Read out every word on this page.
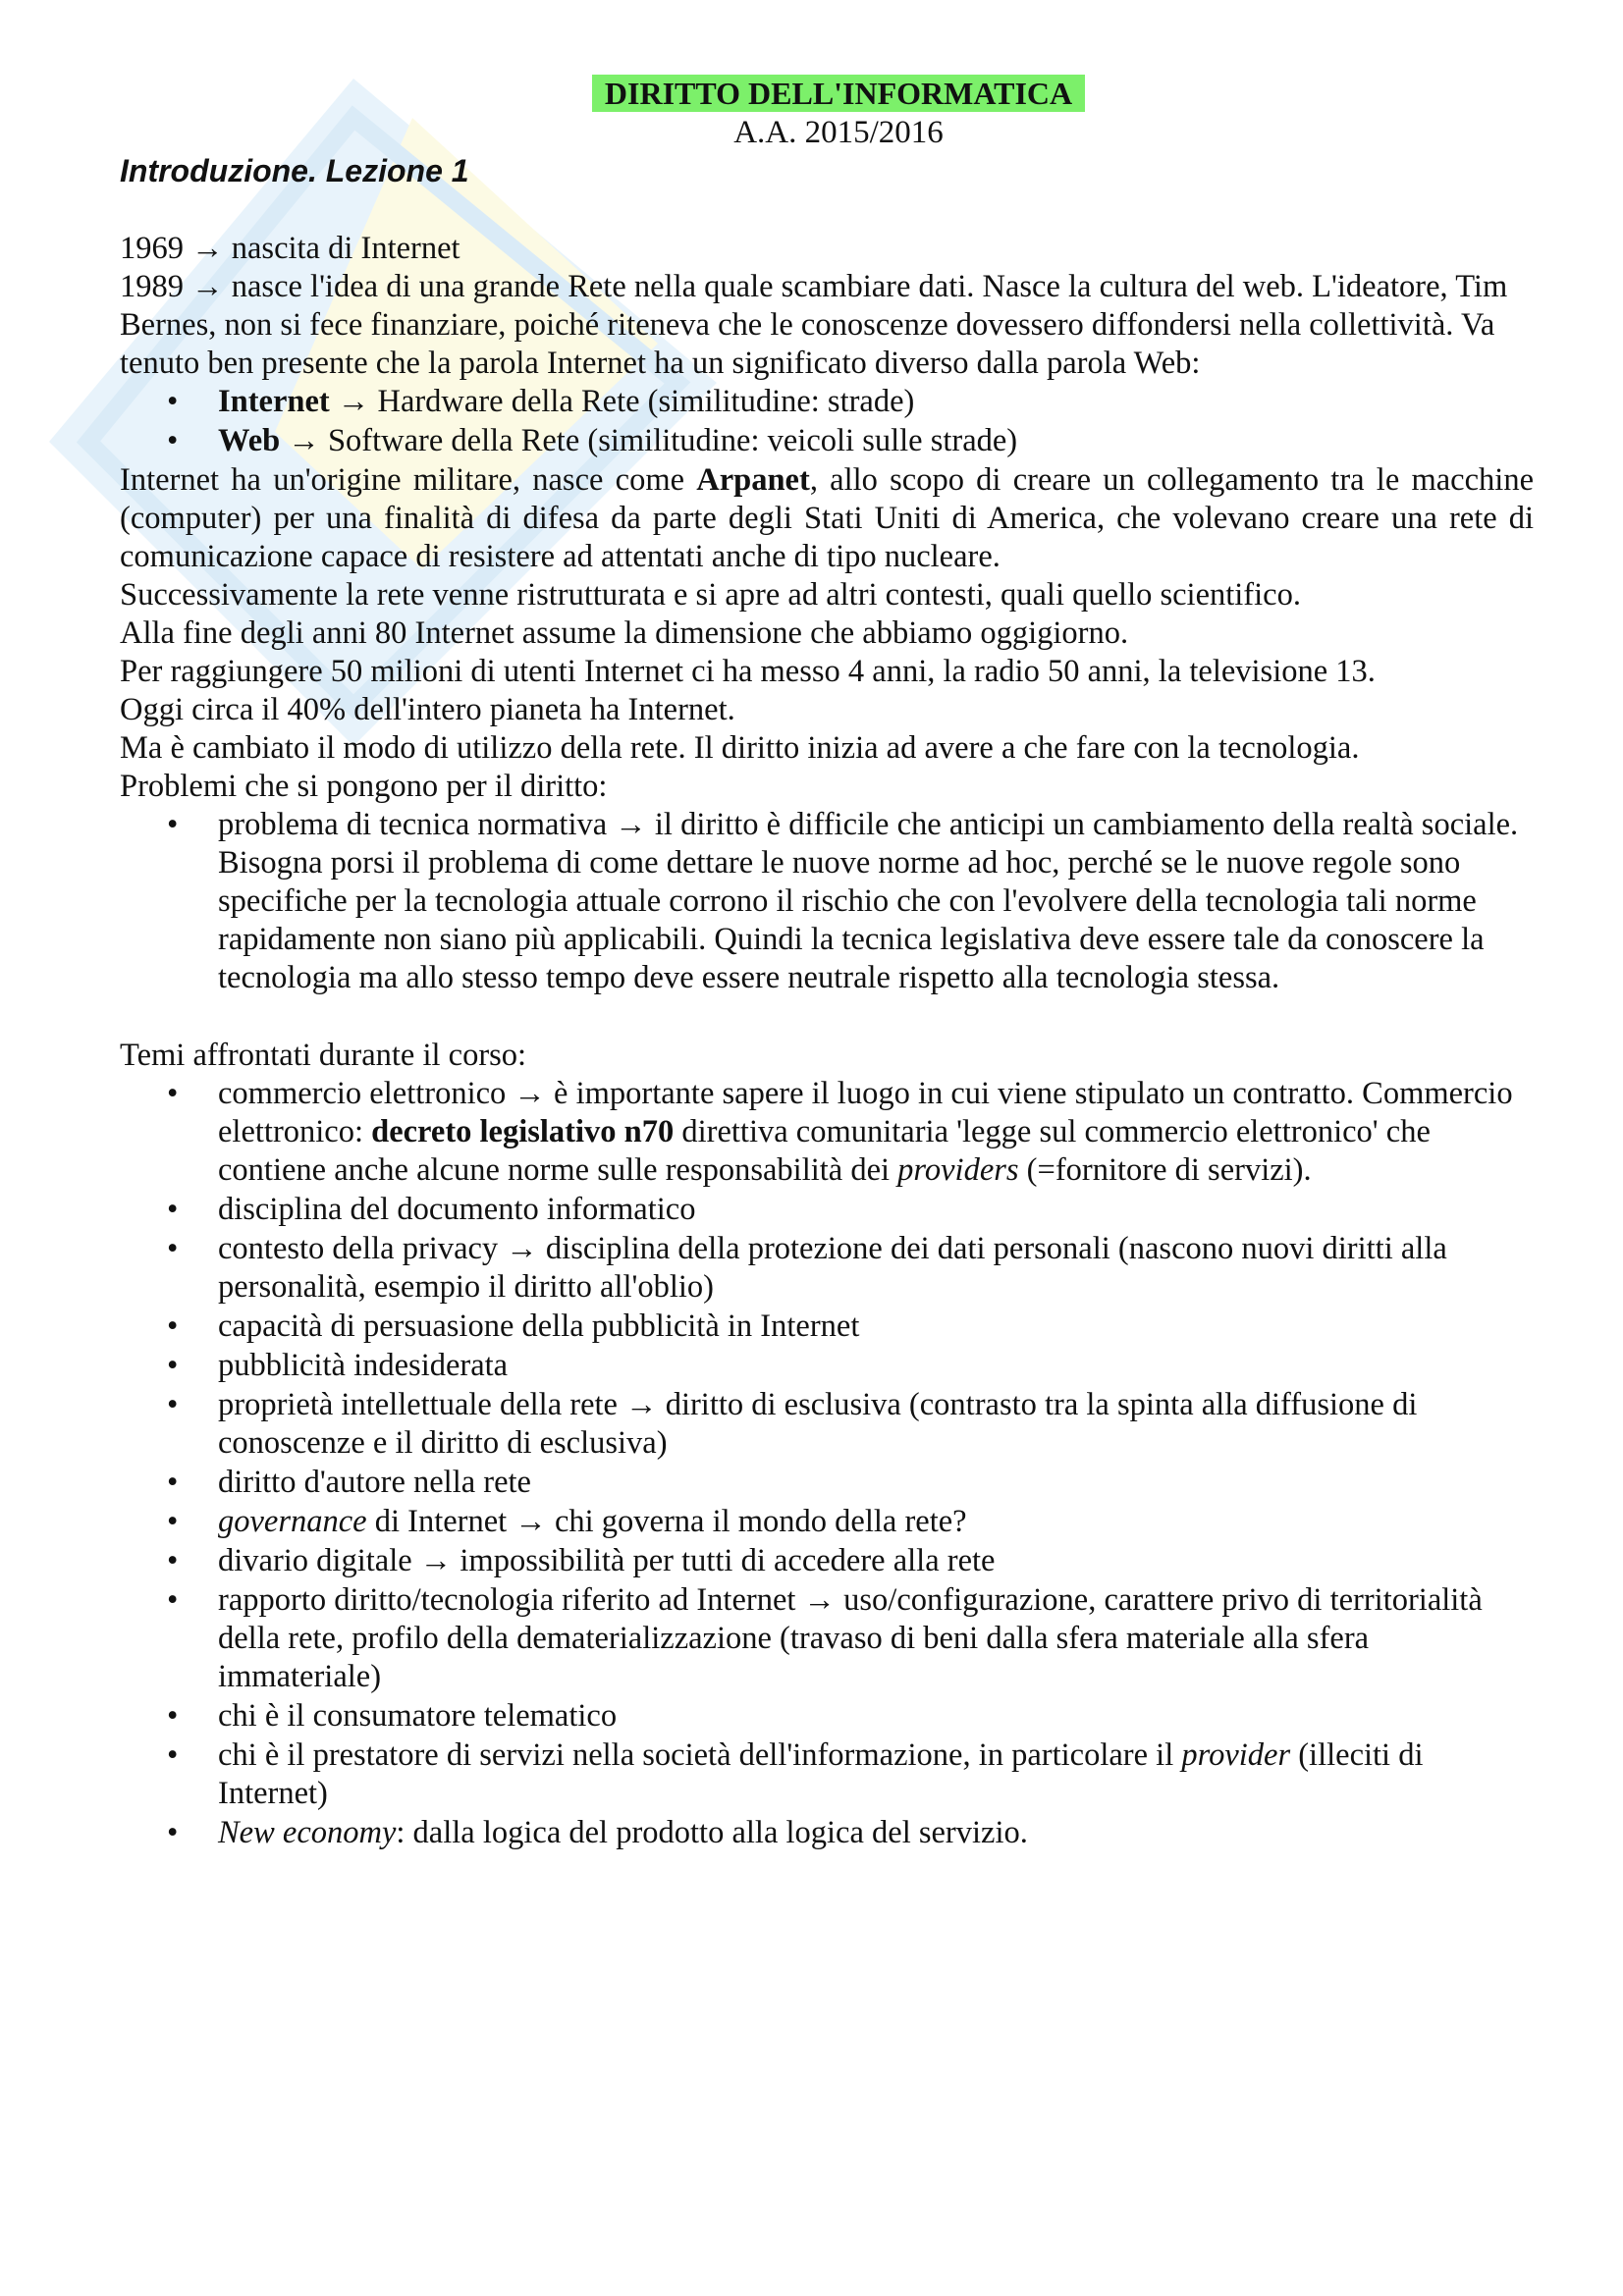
DIRITTO DELL'INFORMATICA
A.A. 2015/2016
Introduzione. Lezione 1

1969 → nascita di Internet

1989 → nasce l'idea di una grande Rete nella quale scambiare dati. Nasce la cultura del web. L'ideatore, Tim Bernes, non si fece finanziare, poiché riteneva che le conoscenze dovessero diffondersi nella collettività. Va tenuto ben presente che la parola Internet ha un significato diverso dalla parola Web:

• Internet → Hardware della Rete (similitudine: strade)
• Web → Software della Rete (similitudine: veicoli sulle strade)

Internet ha un'origine militare, nasce come Arpanet, allo scopo di creare un collegamento tra le macchine (computer) per una finalità di difesa da parte degli Stati Uniti di America, che volevano creare una rete di comunicazione capace di resistere ad attentati anche di tipo nucleare.

Successivamente la rete venne ristrutturata e si apre ad altri contesti, quali quello scientifico.

Alla fine degli anni 80 Internet assume la dimensione che abbiamo oggigiorno.

Per raggiungere 50 milioni di utenti Internet ci ha messo 4 anni, la radio 50 anni, la televisione 13.

Oggi circa il 40% dell'intero pianeta ha Internet.

Ma è cambiato il modo di utilizzo della rete. Il diritto inizia ad avere a che fare con la tecnologia.

Problemi che si pongono per il diritto:

• problema di tecnica normativa → il diritto è difficile che anticipi un cambiamento della realtà sociale. Bisogna porsi il problema di come dettare le nuove norme ad hoc, perché se le nuove regole sono specifiche per la tecnologia attuale corrono il rischio che con l'evolvere della tecnologia tali norme rapidamente non siano più applicabili. Quindi la tecnica legislativa deve essere tale da conoscere la tecnologia ma allo stesso tempo deve essere neutrale rispetto alla tecnologia stessa.

Temi affrontati durante il corso:

• commercio elettronico → è importante sapere il luogo in cui viene stipulato un contratto. Commercio elettronico: decreto legislativo n70 direttiva comunitaria 'legge sul commercio elettronico' che contiene anche alcune norme sulle responsabilità dei providers (=fornitore di servizi).
• disciplina del documento informatico
• contesto della privacy → disciplina della protezione dei dati personali (nascono nuovi diritti alla personalità, esempio il diritto all'oblio)
• capacità di persuasione della pubblicità in Internet
• pubblicità indesiderata
• proprietà intellettuale della rete → diritto di esclusiva (contrasto tra la spinta alla diffusione di conoscenze e il diritto di esclusiva)
• diritto d'autore nella rete
• governance di Internet → chi governa il mondo della rete?
• divario digitale → impossibilità per tutti di accedere alla rete
• rapporto diritto/tecnologia riferito ad Internet → uso/configurazione, carattere privo di territorialità della rete, profilo della dematerializzazione (travaso di beni dalla sfera materiale alla sfera immateriale)
• chi è il consumatore telematico
• chi è il prestatore di servizi nella società dell'informazione, in particolare il provider (illeciti di Internet)
• New economy: dalla logica del prodotto alla logica del servizio.
